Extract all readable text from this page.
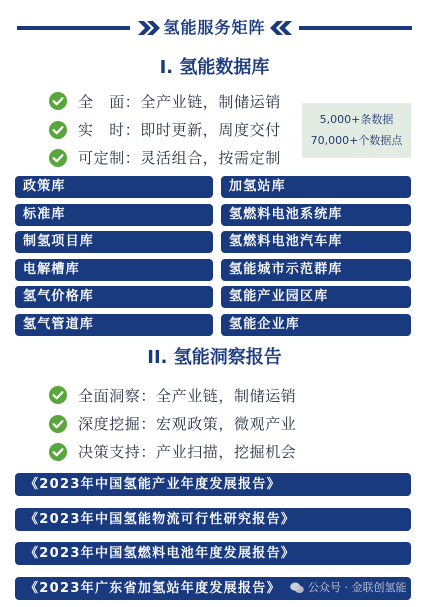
氢能服务矩阵
I. 氢能数据库
全　面：全产业链，制储运销
实　时：即时更新，周度交付
可定制：灵活组合，按需定制
5,000+条数据
70,000+个数据点
政策库
标准库
制氢项目库
电解槽库
氢气价格库
氢气管道库
加氢站库
氢燃料电池系统库
氢燃料电池汽车库
氢能城市示范群库
氢能产业园区库
氢能企业库
II. 氢能洞察报告
全面洞察：全产业链，制储运销
深度挖掘：宏观政策，微观产业
决策支持：产业扫描，挖掘机会
《2023年中国氢能产业年度发展报告》
《2023年中国氢能物流可行性研究报告》
《2023年中国氢燃料电池年度发展报告》
《2023年广东省加氢站年度发展报告》	公众号 · 金联创氢能
